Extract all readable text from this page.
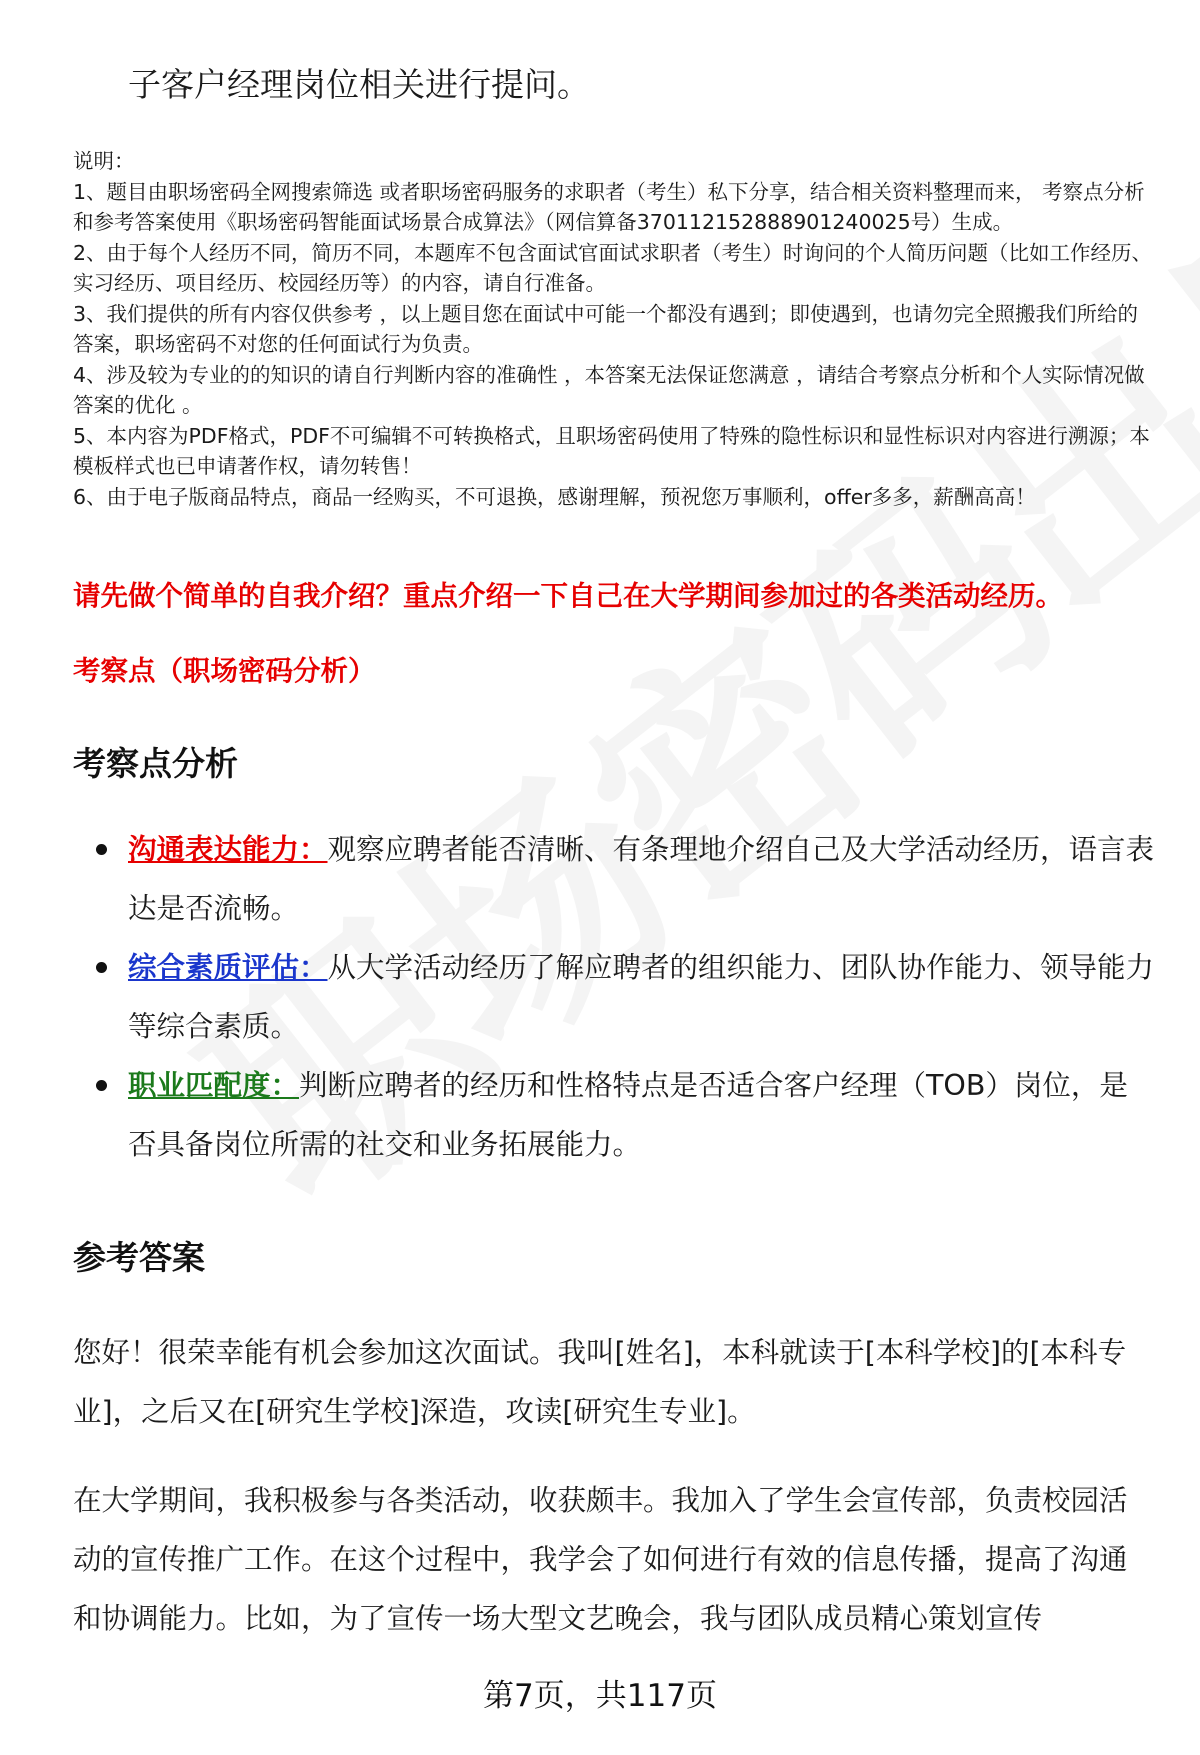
子客户经理岗位相关进行提问。

说明：

1、题目由职场密码全网搜索筛选 或者职场密码服务的求职者（考生）私下分享，结合相关资料整理而来， 考察点分析和参考答案使用《职场密码智能面试场景合成算法》（网信算备370112152888901240025号）生成。

2、由于每个人经历不同，简历不同，本题库不包含面试官面试求职者（考生）时询问的个人简历问题（比如工作经历、实习经历、项目经历、校园经历等）的内容，请自行准备。

3、我们提供的所有内容仅供参考 ，以上题目您在面试中可能一个都没有遇到；即使遇到，也请勿完全照搬我们所给的答案，职场密码不对您的任何面试行为负责。

4、涉及较为专业的的知识的请自行判断内容的准确性 ，本答案无法保证您满意 ，请结合考察点分析和个人实际情况做答案的优化 。

5、本内容为PDF格式，PDF不可编辑不可转换格式，且职场密码使用了特殊的隐性标识和显性标识对内容进行溯源；本模板样式也已申请著作权，请勿转售！

6、由于电子版商品特点，商品一经购买，不可退换，感谢理解，预祝您万事顺利，offer多多，薪酬高高！

请先做个简单的自我介绍？重点介绍一下自己在大学期间参加过的各类活动经历。
考察点（职场密码分析）
考察点分析
沟通表达能力：观察应聘者能否清晰、有条理地介绍自己及大学活动经历，语言表达是否流畅。
综合素质评估：从大学活动经历了解应聘者的组织能力、团队协作能力、领导能力等综合素质。
职业匹配度：判断应聘者的经历和性格特点是否适合客户经理（TOB）岗位，是否具备岗位所需的社交和业务拓展能力。
参考答案

您好！很荣幸能有机会参加这次面试。我叫[姓名]，本科就读于[本科学校]的[本科专业]，之后又在[研究生学校]深造，攻读[研究生专业]。

在大学期间，我积极参与各类活动，收获颇丰。我加入了学生会宣传部，负责校园活动的宣传推广工作。在这个过程中，我学会了如何进行有效的信息传播，提高了沟通和协调能力。比如，为了宣传一场大型文艺晚会，我与团队成员精心策划宣传

第7页，共117页
